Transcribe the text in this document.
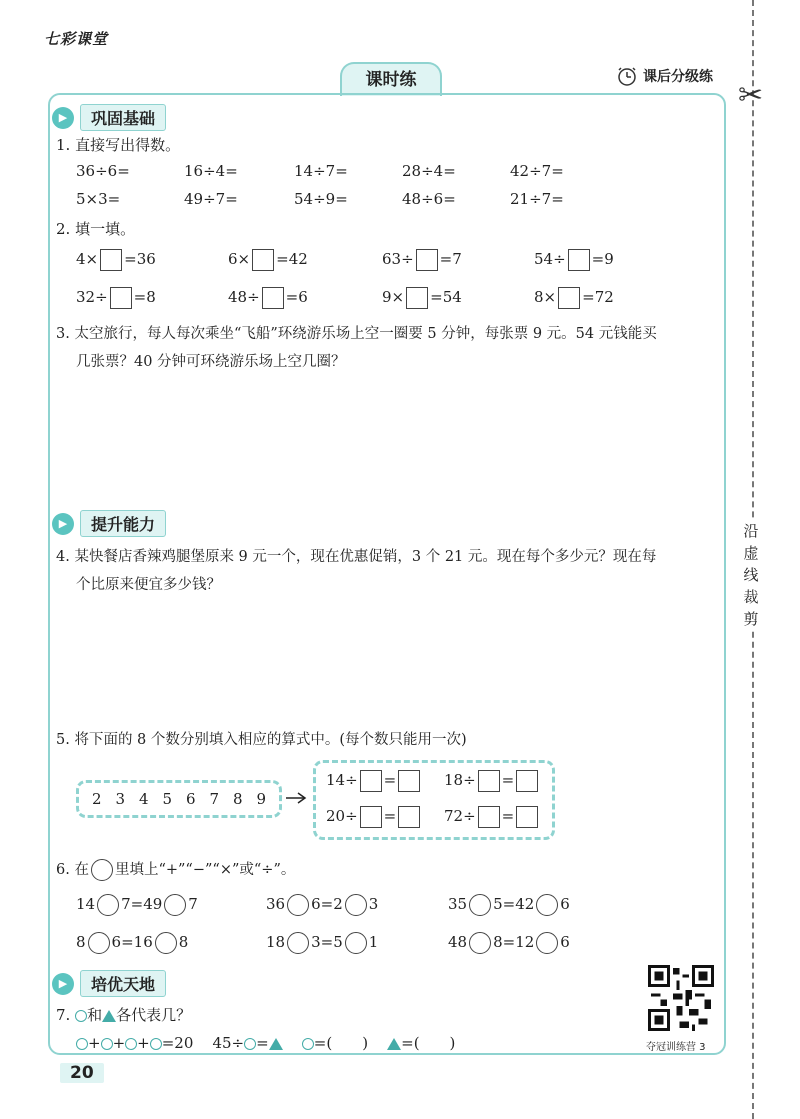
七彩课堂
课时练	课后分级练
✂
沿虚线裁剪
▶	巩固基础
1. 直接写出得数。
36÷6=	16÷4=	14÷7=	28÷4=	42÷7=
5×3=	49÷7=	54÷9=	48÷6=	21÷7=
2. 填一填。
4× =36	6× =42	63÷ =7	54÷ =9
32÷ =8	48÷ =6	9× =54	8× =72
3. 太空旅行，每人每次乘坐“飞船”环绕游乐场上空一圈要 5 分钟，每张票 9 元。54 元钱能买
几张票？40 分钟可环绕游乐场上空几圈？
▶	提升能力
4. 某快餐店香辣鸡腿堡原来 9 元一个，现在优惠促销，3 个 21 元。现在每个多少元？现在每
个比原来便宜多少钱？
5. 将下面的 8 个数分别填入相应的算式中。(每个数只能用一次)
2 3 4 5 6 7 8 9
14÷ =	18÷ =
20÷ =	72÷ =
6. 在 里填上“+”“−”“×”或“÷”。
14 7=49 7	36 6=2 3	35 5=42 6
8 6=16 8	18 3=5 1	48 8=12 6
▶	培优天地
7. 和 各代表几？
+ + + =20 45÷ =	=(　　) =(　　)	夺冠训练营 3
20
